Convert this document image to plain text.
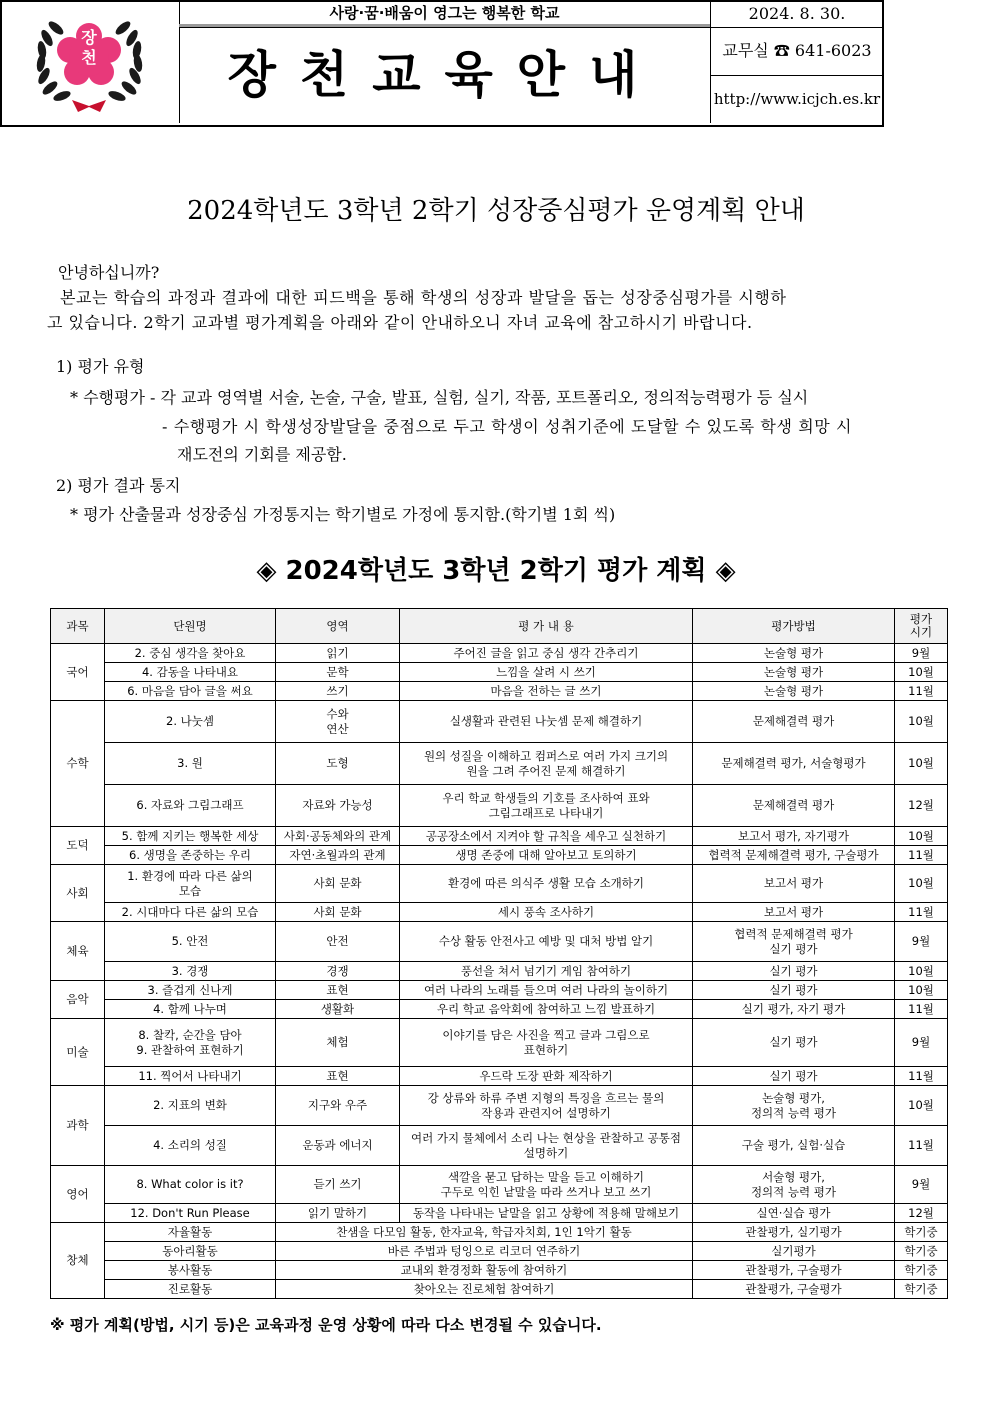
장
천
사랑·꿈·배움이 영그는 행복한 학교
장천교육안내
2024. 8. 30.
교무실 ☎ 641-6023
http://www.icjch.es.kr
2024학년도 3학년 2학기 성장중심평가 운영계획 안내
안녕하십니까?
본교는 학습의 과정과 결과에 대한 피드백을 통해 학생의 성장과 발달을 돕는 성장중심평가를 시행하
고 있습니다. 2학기 교과별 평가계획을 아래와 같이 안내하오니 자녀 교육에 참고하시기 바랍니다.
1) 평가 유형
* 수행평가 - 각 교과 영역별 서술, 논술, 구술, 발표, 실험, 실기, 작품, 포트폴리오, 정의적능력평가 등 실시
- 수행평가 시 학생성장발달을 중점으로 두고 학생이 성취기준에 도달할 수 있도록 학생 희망 시
재도전의 기회를 제공함.
2) 평가 결과 통지
* 평가 산출물과 성장중심 가정통지는 학기별로 가정에 통지함.(학기별 1회 씩)
◈ 2024학년도 3학년 2학기 평가 계획 ◈
과목	단원명	영역	평 가 내 용	평가방법	평가
시기
국어	2. 중심 생각을 찾아요	읽기	주어진 글을 읽고 중심 생각 간추리기	논술형 평가	9월
	4. 감동을 나타내요	문학	느낌을 살려 시 쓰기	논술형 평가	10월
	6. 마음을 담아 글을 써요	쓰기	마음을 전하는 글 쓰기	논술형 평가	11월
수학	2. 나눗셈	수와
연산	실생활과 관련된 나눗셈 문제 해결하기	문제해결력 평가	10월
	3. 원	도형	원의 성질을 이해하고 컴퍼스로 여러 가지 크기의
원을 그려 주어진 문제 해결하기	문제해결력 평가, 서술형평가	10월
	6. 자료와 그림그래프	자료와 가능성	우리 학교 학생들의 기호를 조사하여 표와
그림그래프로 나타내기	문제해결력 평가	12월
도덕	5. 함께 지키는 행복한 세상	사회·공동체와의 관계	공공장소에서 지켜야 할 규칙을 세우고 실천하기	보고서 평가, 자기평가	10월
	6. 생명을 존중하는 우리	자연·초월과의 관계	생명 존중에 대해 알아보고 토의하기	협력적 문제해결력 평가, 구술평가	11월
사회	1. 환경에 따라 다른 삶의
모습	사회 문화	환경에 따른 의식주 생활 모습 소개하기	보고서 평가	10월
	2. 시대마다 다른 삶의 모습	사회 문화	세시 풍속 조사하기	보고서 평가	11월
체육	5. 안전	안전	수상 활동 안전사고 예방 및 대처 방법 알기	협력적 문제해결력 평가
실기 평가	9월
	3. 경쟁	경쟁	풍선을 쳐서 넘기기 게임 참여하기	실기 평가	10월
음악	3. 즐겁게 신나게	표현	여러 나라의 노래를 들으며 여러 나라의 놀이하기	실기 평가	10월
	4. 함께 나누며	생활화	우리 학교 음악회에 참여하고 느낌 발표하기	실기 평가, 자기 평가	11월
미술	8. 찰칵, 순간을 담아
9. 관찰하여 표현하기	체험	이야기를 담은 사진을 찍고 글과 그림으로
표현하기	실기 평가	9월
	11. 찍어서 나타내기	표현	우드락 도장 판화 제작하기	실기 평가	11월
과학	2. 지표의 변화	지구와 우주	강 상류와 하류 주변 지형의 특징을 흐르는 물의
작용과 관련지어 설명하기	논술형 평가,
정의적 능력 평가	10월
	4. 소리의 성질	운동과 에너지	여러 가지 물체에서 소리 나는 현상을 관찰하고 공통점
설명하기	구술 평가, 실험·실습	11월
영어	8. What color is it?	듣기 쓰기	색깔을 묻고 답하는 말을 듣고 이해하기
구두로 익힌 낱말을 따라 쓰거나 보고 쓰기	서술형 평가,
정의적 능력 평가	9월
	12. Don't Run Please	읽기 말하기	동작을 나타내는 낱말을 읽고 상황에 적용해 말해보기	실연·실습 평가	12월
창체	자율활동	찬샘을 다모임 활동, 한자교육, 학급자치회, 1인 1악기 활동		관찰평가, 실기평가	학기중
	동아리활동	바른 주법과 텅잉으로 리코더 연주하기		실기평가	학기중
	봉사활동	교내외 환경정화 활동에 참여하기		관찰평가, 구술평가	학기중
	진로활동	찾아오는 진로체험 참여하기		관찰평가, 구술평가	학기중
※ 평가 계획(방법, 시기 등)은 교육과정 운영 상황에 따라 다소 변경될 수 있습니다.
